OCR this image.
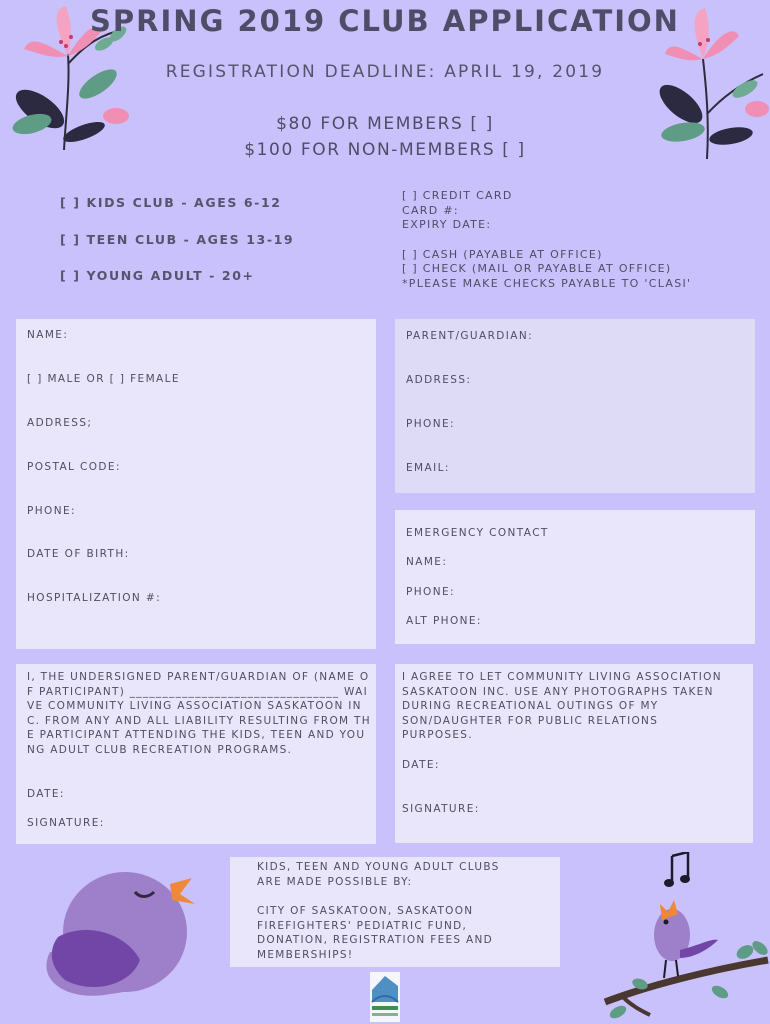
SPRING 2019 CLUB APPLICATION
REGISTRATION DEADLINE: APRIL 19, 2019
$80 FOR MEMBERS [ ]
$100 FOR NON-MEMBERS [ ]
[ ] KIDS CLUB - AGES 6-12
[ ] TEEN CLUB - AGES 13-19
[ ] YOUNG ADULT - 20+
[ ] CREDIT CARD
CARD #:
EXPIRY DATE:
[ ] CASH (PAYABLE AT OFFICE)
[ ] CHECK (MAIL OR PAYABLE AT OFFICE)
*PLEASE MAKE CHECKS PAYABLE TO 'CLASI'
NAME:
[ ] MALE OR [ ] FEMALE
ADDRESS;
POSTAL CODE:
PHONE:
DATE OF BIRTH:
HOSPITALIZATION #:
PARENT/GUARDIAN:
ADDRESS:
PHONE:
EMAIL:
EMERGENCY CONTACT
NAME:
PHONE:
ALT PHONE:
I, THE UNDERSIGNED PARENT/GUARDIAN OF (NAME OF PARTICIPANT) ________________________________ WAIVE COMMUNITY LIVING ASSOCIATION SASKATOON INC. FROM ANY AND ALL LIABILITY RESULTING FROM THE PARTICIPANT ATTENDING THE KIDS, TEEN AND YOUNG ADULT CLUB RECREATION PROGRAMS.
DATE:
SIGNATURE:
I AGREE TO LET COMMUNITY LIVING ASSOCIATION SASKATOON INC. USE ANY PHOTOGRAPHS TAKEN DURING RECREATIONAL OUTINGS OF MY SON/DAUGHTER FOR PUBLIC RELATIONS PURPOSES.
DATE:
SIGNATURE:
KIDS, TEEN AND YOUNG ADULT CLUBS ARE MADE POSSIBLE BY:
CITY OF SASKATOON, SASKATOON FIREFIGHTERS' PEDIATRIC FUND, DONATION, REGISTRATION FEES AND MEMBERSHIPS!
